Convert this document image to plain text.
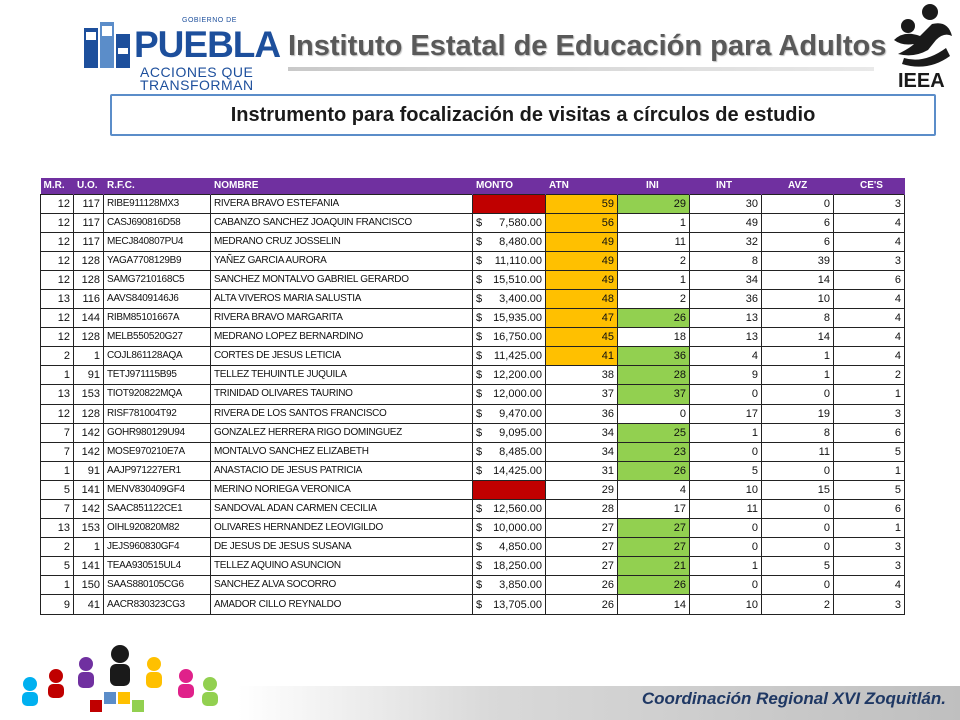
GOBIERNO DE
PUEBLA
ACCIONES QUE
TRANSFORMAN
Instituto Estatal de Educación para Adultos
IEEA
Instrumento para focalización de visitas a círculos de estudio
M.R.	U.O.	R.F.C.	NOMBRE	MONTO	ATN	INI	INT	AVZ	CE'S
12	117	RIBE911128MX3	RIVERA BRAVO ESTEFANIA	$ 21,060.00	59	29	30	0	3
12	117	CASJ690816D58	CABANZO SANCHEZ JOAQUIN FRANCISCO	$ 7,580.00	56	1	49	6	4
12	117	MECJ840807PU4	MEDRANO CRUZ JOSSELIN	$ 8,480.00	49	11	32	6	4
12	128	YAGA7708129B9	YAÑEZ GARCIA AURORA	$ 11,110.00	49	2	8	39	3
12	128	SAMG7210168C5	SANCHEZ MONTALVO GABRIEL GERARDO	$ 15,510.00	49	1	34	14	6
13	116	AAVS8409146J6	ALTA VIVEROS MARIA SALUSTIA	$ 3,400.00	48	2	36	10	4
12	144	RIBM85101667A	RIVERA BRAVO MARGARITA	$ 15,935.00	47	26	13	8	4
12	128	MELB550520G27	MEDRANO LOPEZ BERNARDINO	$ 16,750.00	45	18	13	14	4
2	1	COJL861128AQA	CORTES DE JESUS LETICIA	$ 11,425.00	41	36	4	1	4
1	91	TETJ971115B95	TELLEZ TEHUINTLE JUQUILA	$ 12,200.00	38	28	9	1	2
13	153	TIOT920822MQA	TRINIDAD OLIVARES TAURINO	$ 12,000.00	37	37	0	0	1
12	128	RISF781004T92	RIVERA DE LOS SANTOS FRANCISCO	$ 9,470.00	36	0	17	19	3
7	142	GOHR980129U94	GONZALEZ HERRERA RIGO DOMINGUEZ	$ 9,095.00	34	25	1	8	6
7	142	MOSE970210E7A	MONTALVO SANCHEZ ELIZABETH	$ 8,485.00	34	23	0	11	5
1	91	AAJP971227ER1	ANASTACIO DE JESUS PATRICIA	$ 14,425.00	31	26	5	0	1
5	141	MENV830409GF4	MERINO NORIEGA VERONICA	$ 27,850.00	29	4	10	15	5
7	142	SAAC851122CE1	SANDOVAL ADAN CARMEN CECILIA	$ 12,560.00	28	17	11	0	6
13	153	OIHL920820M82	OLIVARES HERNANDEZ LEOVIGILDO	$ 10,000.00	27	27	0	0	1
2	1	JEJS960830GF4	DE JESUS DE JESUS SUSANA	$ 4,850.00	27	27	0	0	3
5	141	TEAA930515UL4	TELLEZ AQUINO ASUNCION	$ 18,250.00	27	21	1	5	3
1	150	SAAS880105CG6	SANCHEZ ALVA SOCORRO	$ 3,850.00	26	26	0	0	4
9	41	AACR830323CG3	AMADOR CILLO REYNALDO	$ 13,705.00	26	14	10	2	3
Coordinación Regional XVI Zoquitlán.
